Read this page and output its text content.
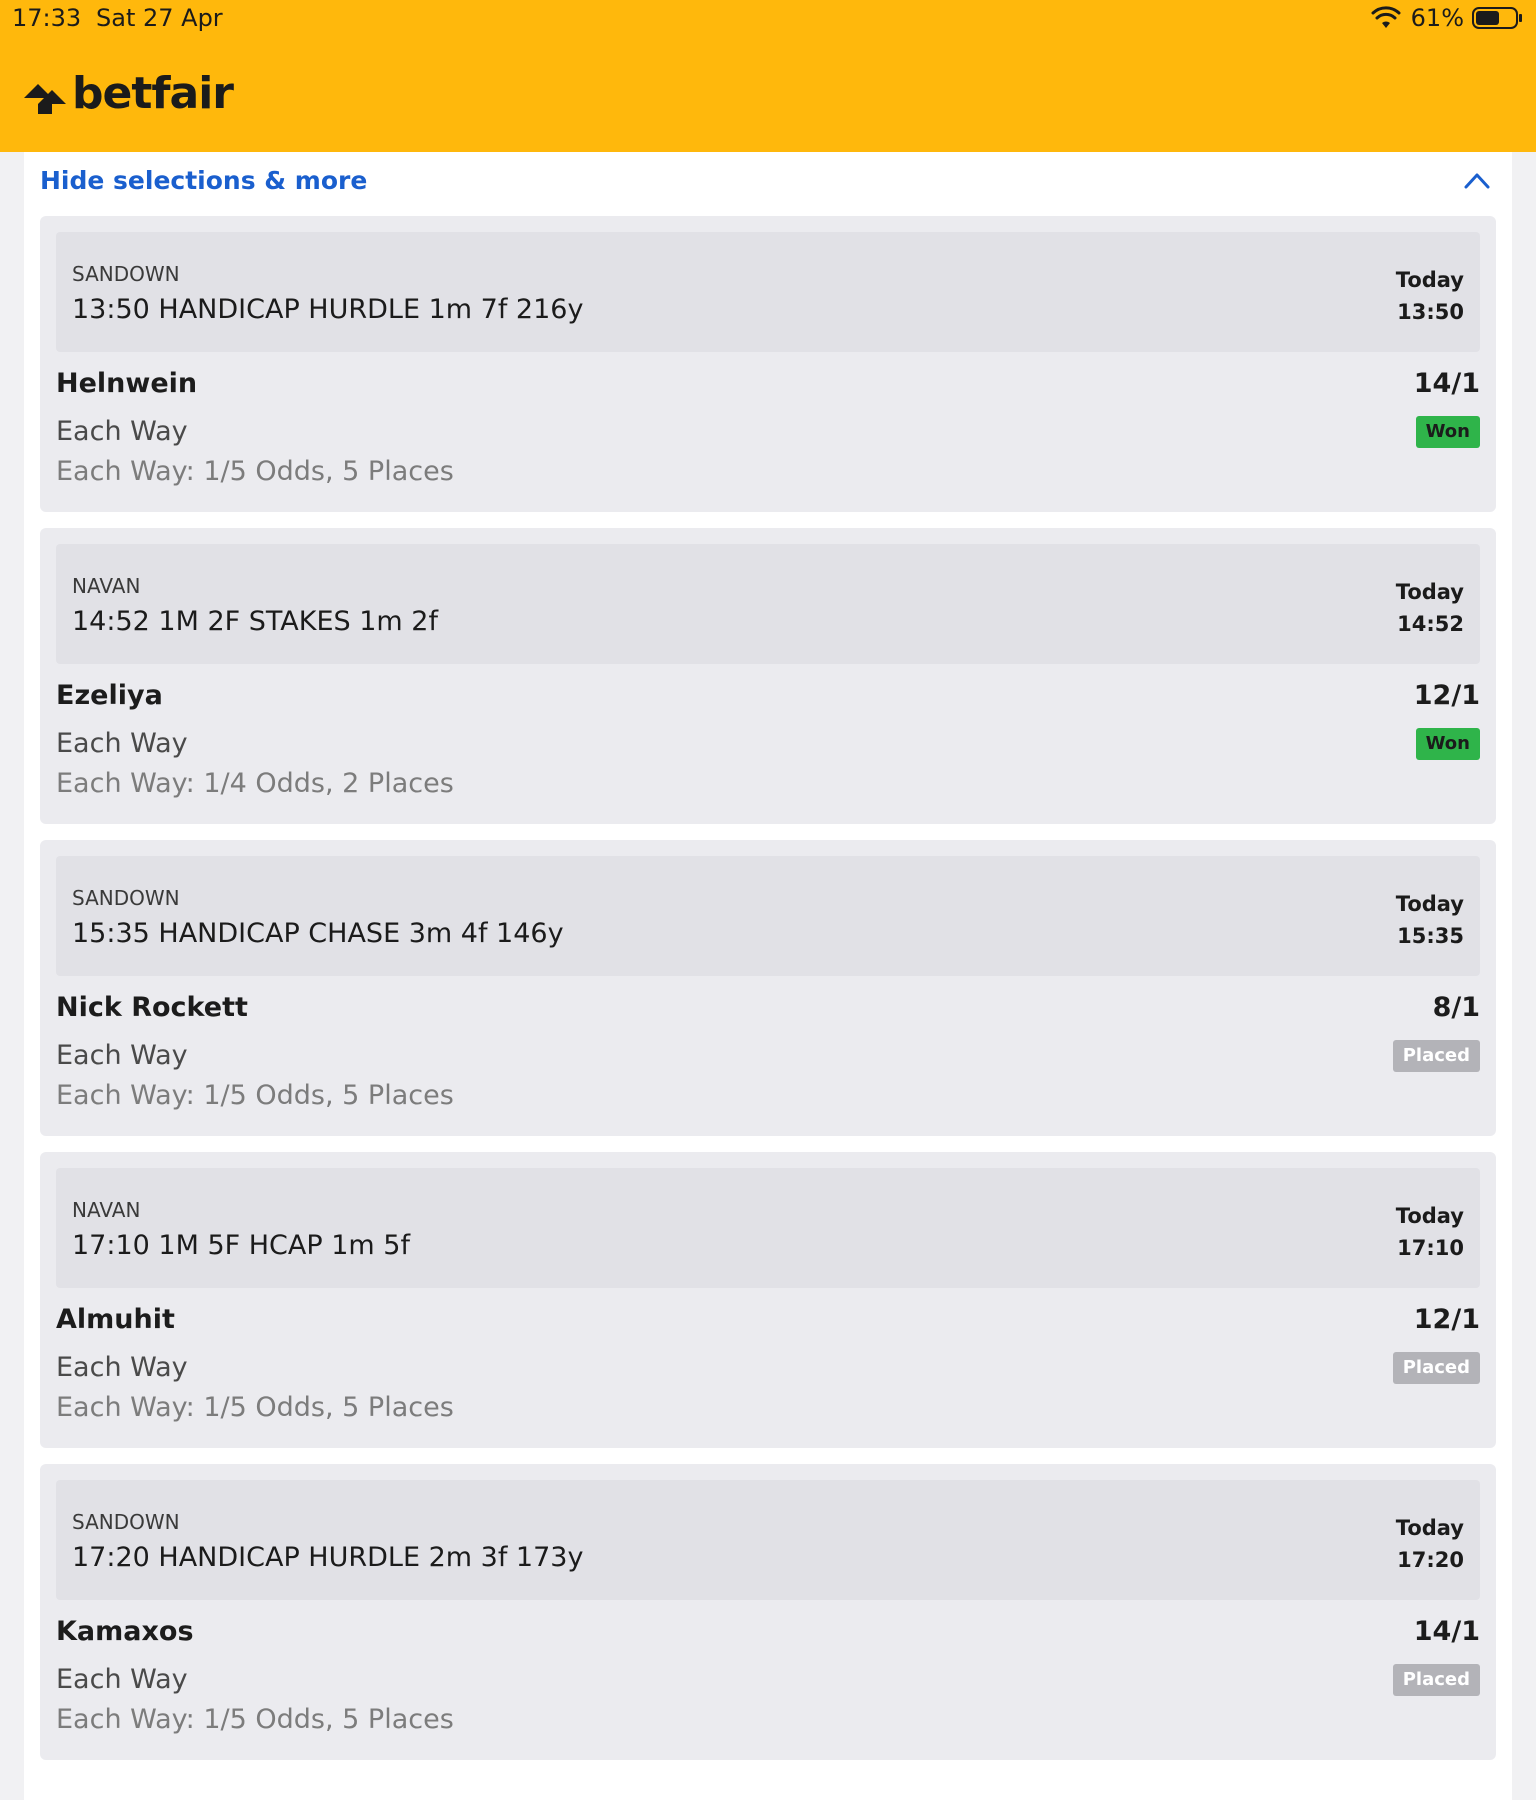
17:33 Sat 27 Apr	61%
betfair
Hide selections & more
SANDOWN
13:50 HANDICAP HURDLE 1m 7f 216y
Today
13:50
Helnwein
Each Way
Each Way: 1/5 Odds, 5 Places
14/1
Won
NAVAN
14:52 1M 2F STAKES 1m 2f
Today
14:52
Ezeliya
Each Way
Each Way: 1/4 Odds, 2 Places
12/1
Won
SANDOWN
15:35 HANDICAP CHASE 3m 4f 146y
Today
15:35
Nick Rockett
Each Way
Each Way: 1/5 Odds, 5 Places
8/1
Placed
NAVAN
17:10 1M 5F HCAP 1m 5f
Today
17:10
Almuhit
Each Way
Each Way: 1/5 Odds, 5 Places
12/1
Placed
SANDOWN
17:20 HANDICAP HURDLE 2m 3f 173y
Today
17:20
Kamaxos
Each Way
Each Way: 1/5 Odds, 5 Places
14/1
Placed
